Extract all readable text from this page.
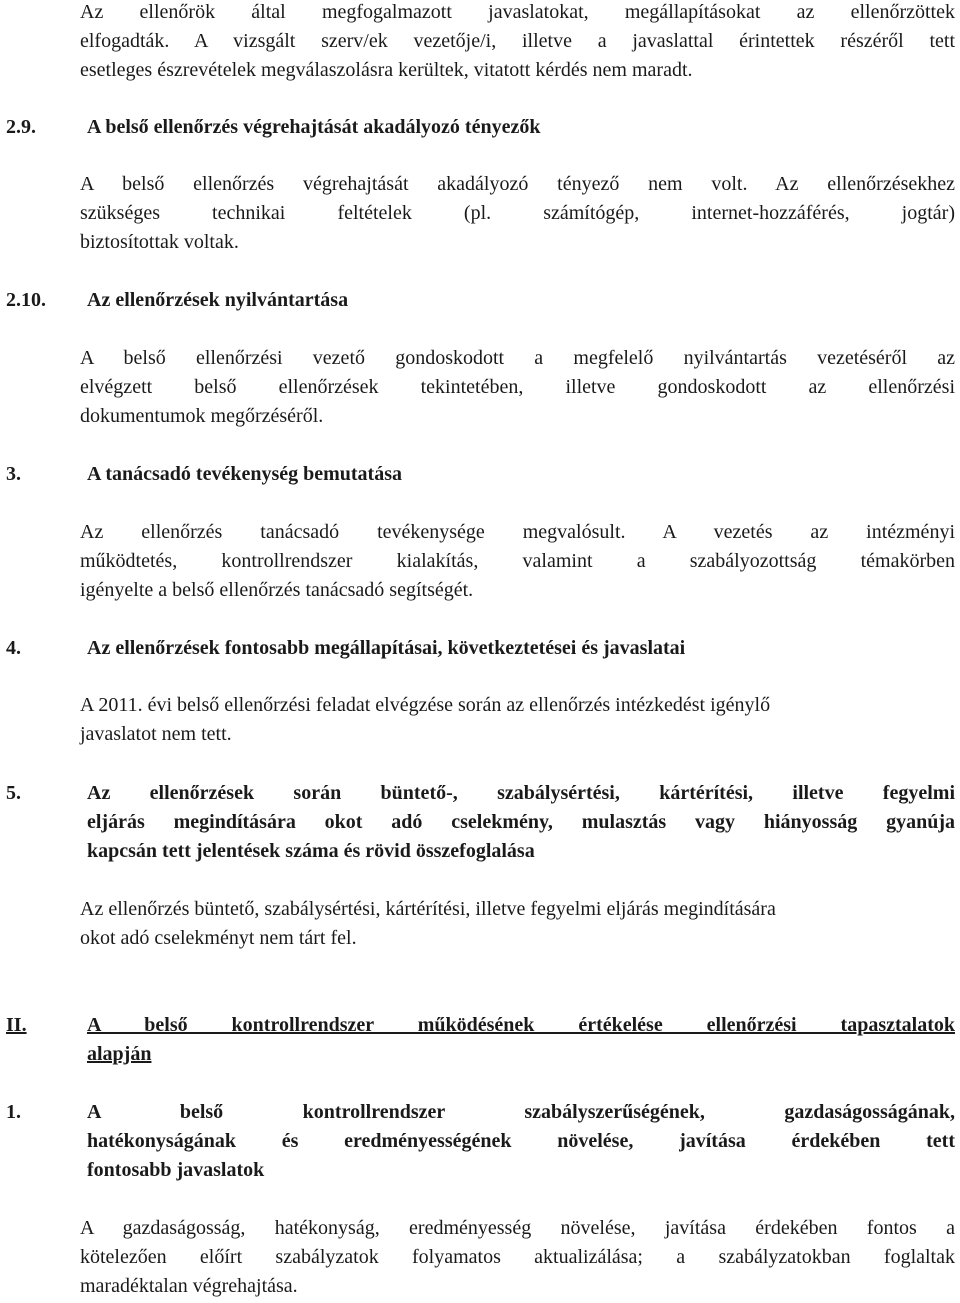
Az ellenőrök által megfogalmazott javaslatokat, megállapításokat az ellenőrzöttek
elfogadták. A vizsgált szerv/ek vezetője/i, illetve a javaslattal érintettek részéről tett
esetleges észrevételek megválaszolásra kerültek, vitatott kérdés nem maradt.
2.9.	A belső ellenőrzés végrehajtását akadályozó tényezők
A belső ellenőrzés végrehajtását akadályozó tényező nem volt. Az ellenőrzésekhez
szükséges technikai feltételek (pl. számítógép, internet-hozzáférés, jogtár)
biztosítottak voltak.
2.10. Az ellenőrzések nyilvántartása
A belső ellenőrzési vezető gondoskodott a megfelelő nyilvántartás vezetéséről az
elvégzett belső ellenőrzések tekintetében, illetve gondoskodott az ellenőrzési
dokumentumok megőrzéséről.
3.	A tanácsadó tevékenység bemutatása
Az ellenőrzés tanácsadó tevékenysége megvalósult. A vezetés az intézményi
működtetés, kontrollrendszer kialakítás, valamint a szabályozottság témakörben
igényelte a belső ellenőrzés tanácsadó segítségét.
4.	Az ellenőrzések fontosabb megállapításai, következtetései és javaslatai
A 2011. évi belső ellenőrzési feladat elvégzése során az ellenőrzés intézkedést igénylő
javaslatot nem tett.
5.	Az ellenőrzések során büntető-, szabálysértési, kártérítési, illetve fegyelmi
eljárás megindítására okot adó cselekmény, mulasztás vagy hiányosság gyanúja
kapcsán tett jelentések száma és rövid összefoglalása
Az ellenőrzés büntető, szabálysértési, kártérítési, illetve fegyelmi eljárás megindítására
okot adó cselekményt nem tárt fel.
II.	A belső kontrollrendszer működésének értékelése ellenőrzési tapasztalatok
alapján
1.	A belső kontrollrendszer szabályszerűségének, gazdaságosságának,
hatékonyságának és eredményességének növelése, javítása érdekében tett
fontosabb javaslatok
A gazdaságosság, hatékonyság, eredményesség növelése, javítása érdekében fontos a
kötelezően előírt szabályzatok folyamatos aktualizálása; a szabályzatokban foglaltak
maradéktalan végrehajtása.
